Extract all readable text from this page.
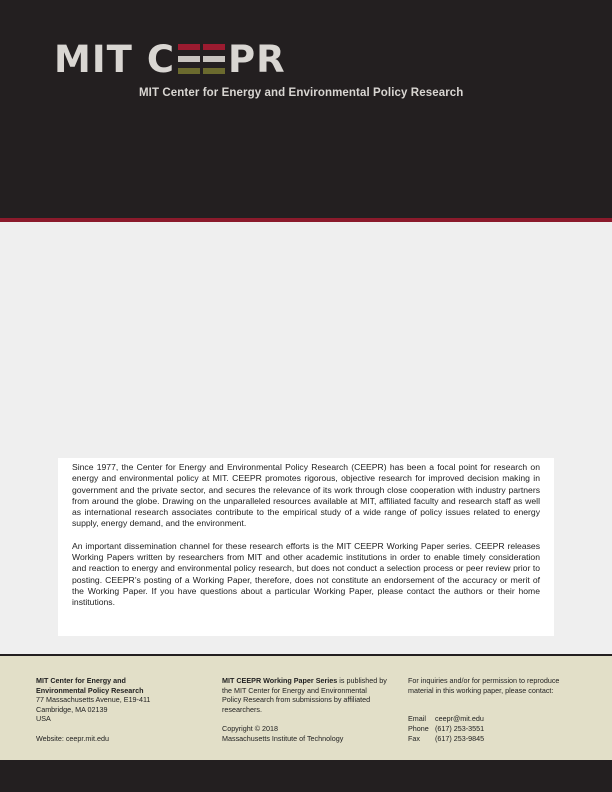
MIT C PR
MIT Center for Energy and Environmental Policy Research

Since 1977, the Center for Energy and Environmental Policy Research (CEEPR) has been a focal point for research on energy and environmental policy at MIT. CEEPR promotes rigorous, objective research for improved decision making in government and the private sector, and secures the relevance of its work through close cooperation with industry partners from around the globe. Drawing on the unparalleled resources available at MIT, affiliated faculty and research staff as well as international research associates contribute to the empirical study of a wide range of policy issues related to energy supply, energy demand, and the environment.

An important dissemination channel for these research efforts is the MIT CEEPR Working Paper series. CEEPR releases Working Papers written by researchers from MIT and other academic institutions in order to enable timely consideration and reaction to energy and environmental policy research, but does not conduct a selection process or peer review prior to posting. CEEPR’s posting of a Working Paper, therefore, does not constitute an endorsement of the accuracy or merit of the Working Paper. If you have questions about a particular Working Paper, please contact the authors or their home institutions.

MIT Center for Energy and
Environmental Policy Research
77 Massachusetts Avenue, E19-411
Cambridge, MA 02139
USA
Website: ceepr.mit.edu
MIT CEEPR Working Paper Series is published by
the MIT Center for Energy and Environmental
Policy Research from submissions by affiliated
researchers.
Copyright © 2018
Massachusetts Institute of Technology
For inquiries and/or for permission to reproduce
material in this working paper, please contact:
Email	ceepr@mit.edu
Phone (617) 253-3551
Fax	(617) 253-9845
